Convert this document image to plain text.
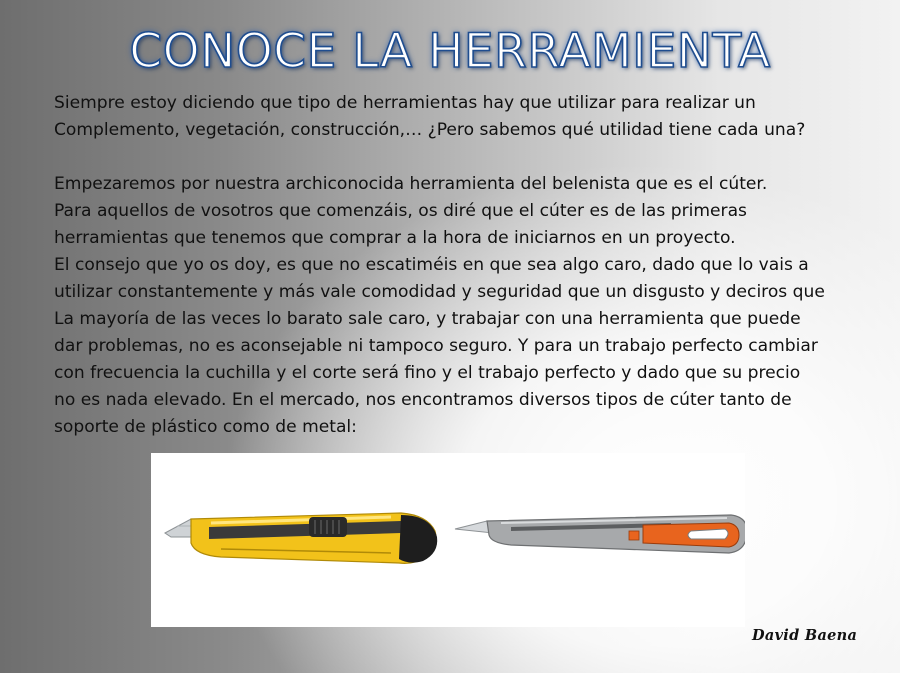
CONOCE LA HERRAMIENTA

Siempre estoy diciendo que tipo de herramientas hay que utilizar para realizar un

Complemento, vegetación, construcción,… ¿Pero sabemos qué utilidad tiene cada una?

Empezaremos por nuestra archiconocida herramienta del belenista que es el cúter.

Para aquellos de vosotros que comenzáis, os diré que el cúter es de las primeras

herramientas que tenemos que comprar a la hora de iniciarnos en un proyecto.

El consejo que yo os doy, es que no escatiméis en que sea algo caro, dado que lo vais a

utilizar constantemente y más vale comodidad y seguridad que un disgusto y deciros que

La mayoría de las veces lo barato sale caro, y trabajar con una herramienta que puede

dar problemas, no es aconsejable ni tampoco seguro. Y para un trabajo perfecto cambiar

con frecuencia la cuchilla y el corte será fino y el trabajo perfecto y dado que su precio

no es nada elevado. En el mercado, nos encontramos diversos tipos de cúter tanto de

soporte de plástico como de metal:

David Baena
